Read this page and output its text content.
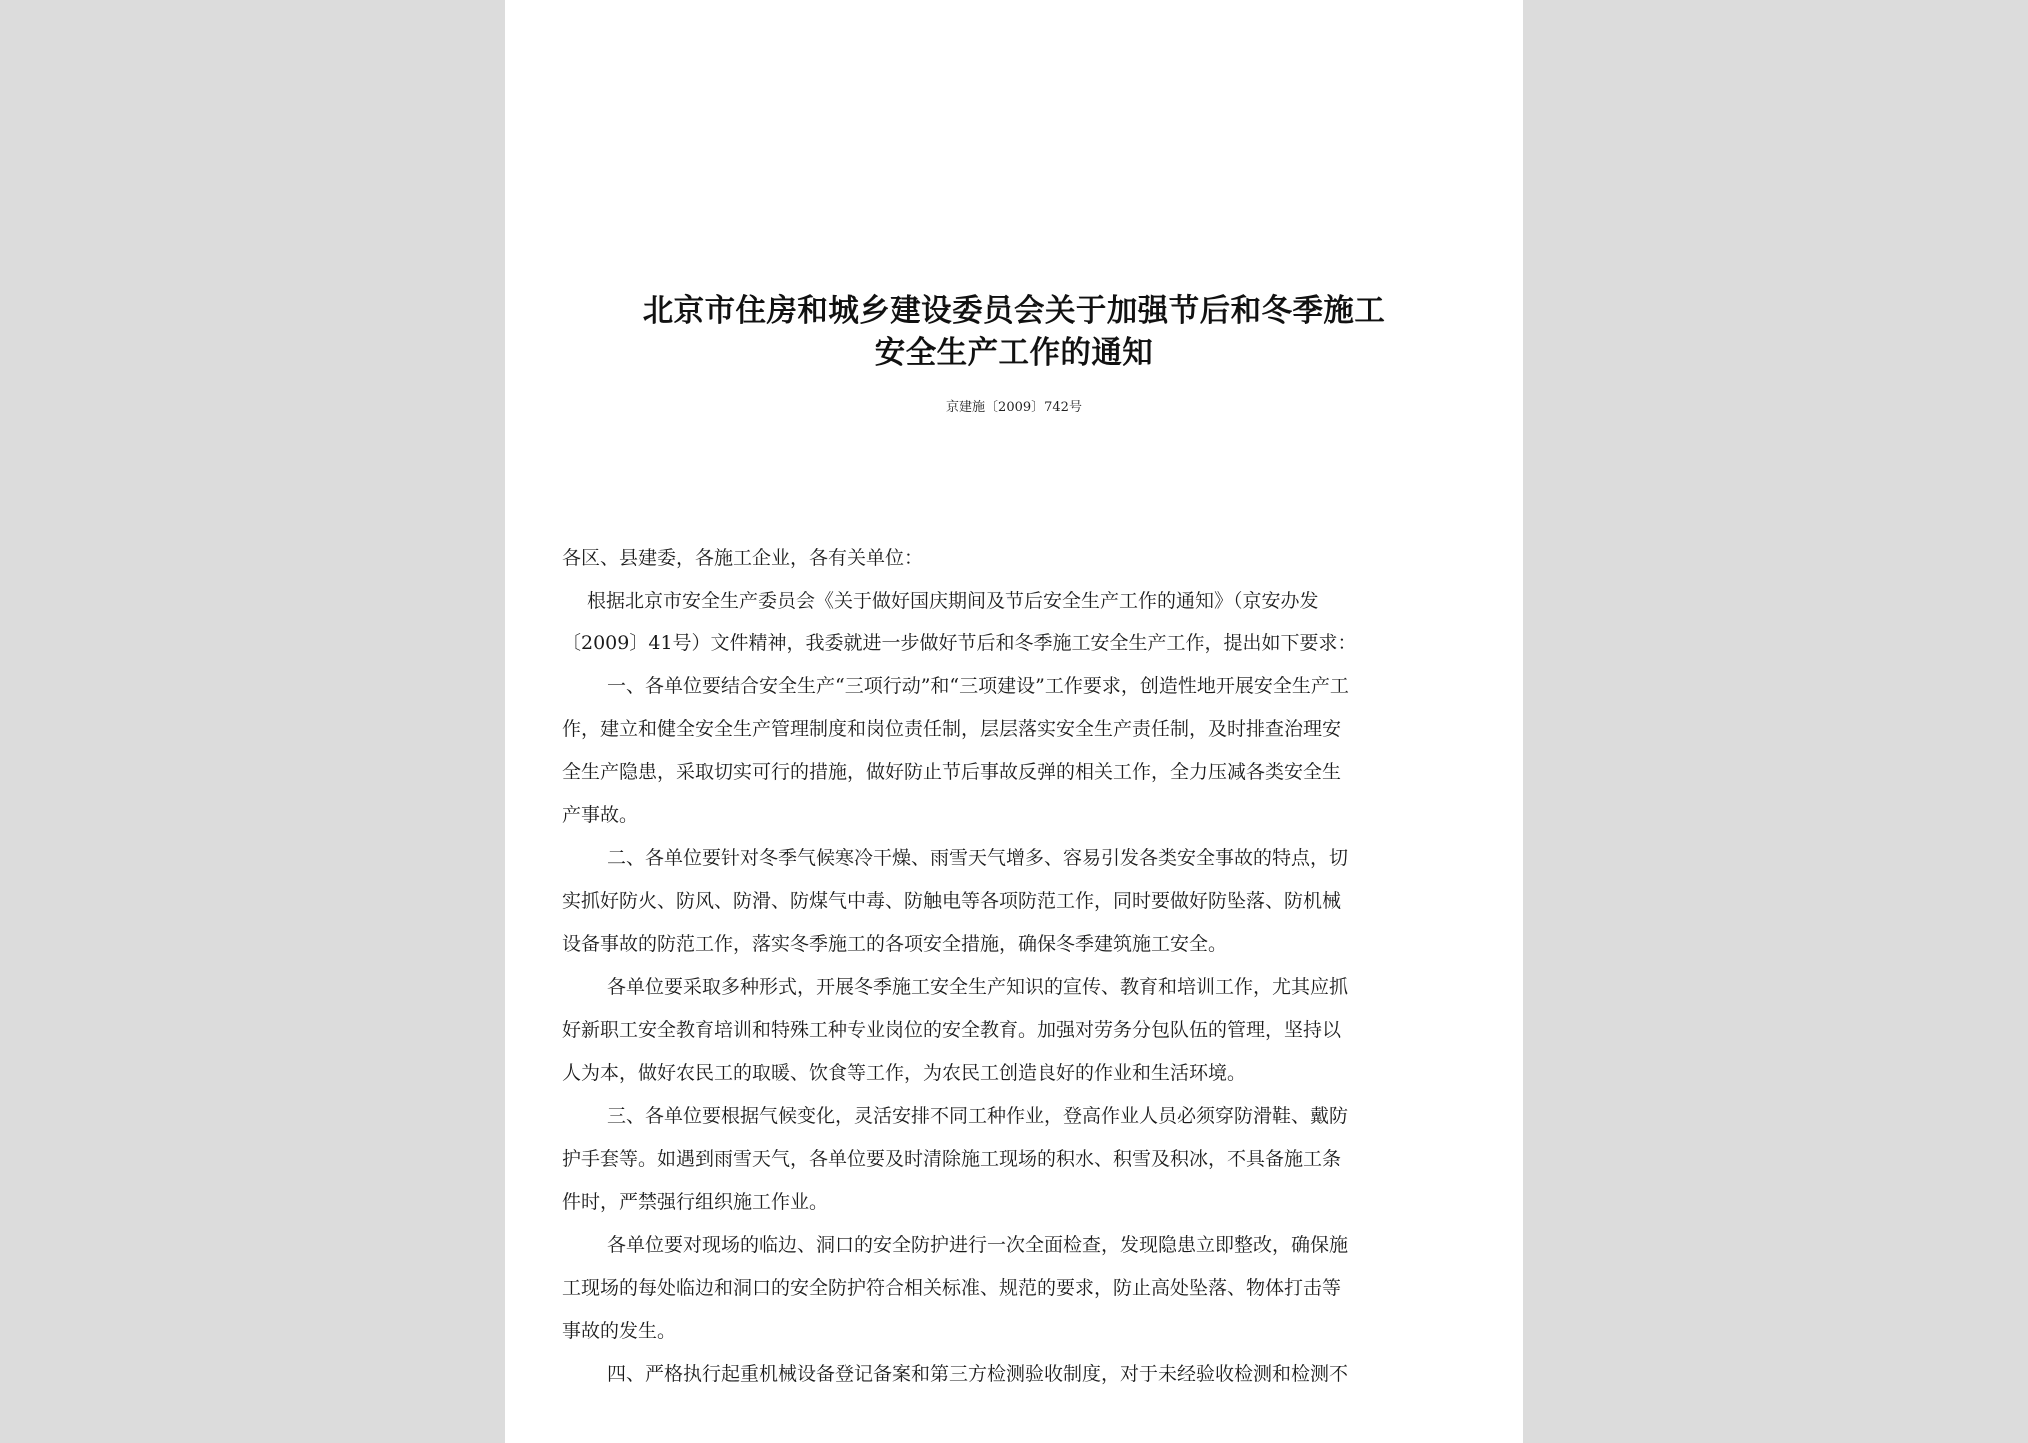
北京市住房和城乡建设委员会关于加强节后和冬季施工
安全生产工作的通知
京建施〔2009〕742号
各区、县建委，各施工企业，各有关单位：
根据北京市安全生产委员会《关于做好国庆期间及节后安全生产工作的通知》（京安办发
〔2009〕41号）文件精神，我委就进一步做好节后和冬季施工安全生产工作，提出如下要求：
一、各单位要结合安全生产“三项行动”和“三项建设”工作要求，创造性地开展安全生产工
作，建立和健全安全生产管理制度和岗位责任制，层层落实安全生产责任制，及时排查治理安
全生产隐患，采取切实可行的措施，做好防止节后事故反弹的相关工作，全力压减各类安全生
产事故。
二、各单位要针对冬季气候寒冷干燥、雨雪天气增多、容易引发各类安全事故的特点，切
实抓好防火、防风、防滑、防煤气中毒、防触电等各项防范工作，同时要做好防坠落、防机械
设备事故的防范工作，落实冬季施工的各项安全措施，确保冬季建筑施工安全。
各单位要采取多种形式，开展冬季施工安全生产知识的宣传、教育和培训工作，尤其应抓
好新职工安全教育培训和特殊工种专业岗位的安全教育。加强对劳务分包队伍的管理，坚持以
人为本，做好农民工的取暖、饮食等工作，为农民工创造良好的作业和生活环境。
三、各单位要根据气候变化，灵活安排不同工种作业，登高作业人员必须穿防滑鞋、戴防
护手套等。如遇到雨雪天气，各单位要及时清除施工现场的积水、积雪及积冰，不具备施工条
件时，严禁强行组织施工作业。
各单位要对现场的临边、洞口的安全防护进行一次全面检查，发现隐患立即整改，确保施
工现场的每处临边和洞口的安全防护符合相关标准、规范的要求，防止高处坠落、物体打击等
事故的发生。
四、严格执行起重机械设备登记备案和第三方检测验收制度，对于未经验收检测和检测不
